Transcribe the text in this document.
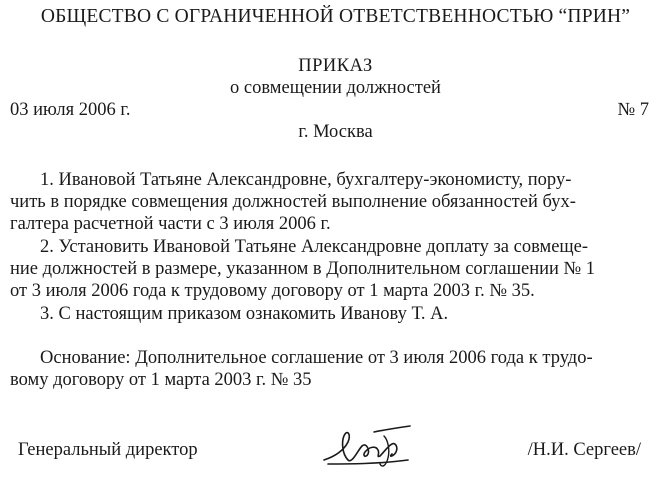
ОБЩЕСТВО С ОГРАНИЧЕННОЙ ОТВЕТСТВЕННОСТЬЮ “ПРИН”
ПРИКАЗ
о совмещении должностей
03 июля 2006 г.	№ 7
г. Москва
1. Ивановой Татьяне Александровне, бухгалтеру-экономисту, пору-
чить в порядке совмещения должностей выполнение обязанностей бух-
галтера расчетной части с 3 июля 2006 г.
2. Установить Ивановой Татьяне Александровне доплату за совмеще-
ние должностей в размере, указанном в Дополнительном соглашении № 1
от 3 июля 2006 года к трудовому договору от 1 марта 2003 г. № 35.
3. С настоящим приказом ознакомить Иванову Т. А.
Основание: Дополнительное соглашение от 3 июля 2006 года к трудо-
вому договору от 1 марта 2003 г. № 35
Генеральный директор	/Н.И. Сергеев/
